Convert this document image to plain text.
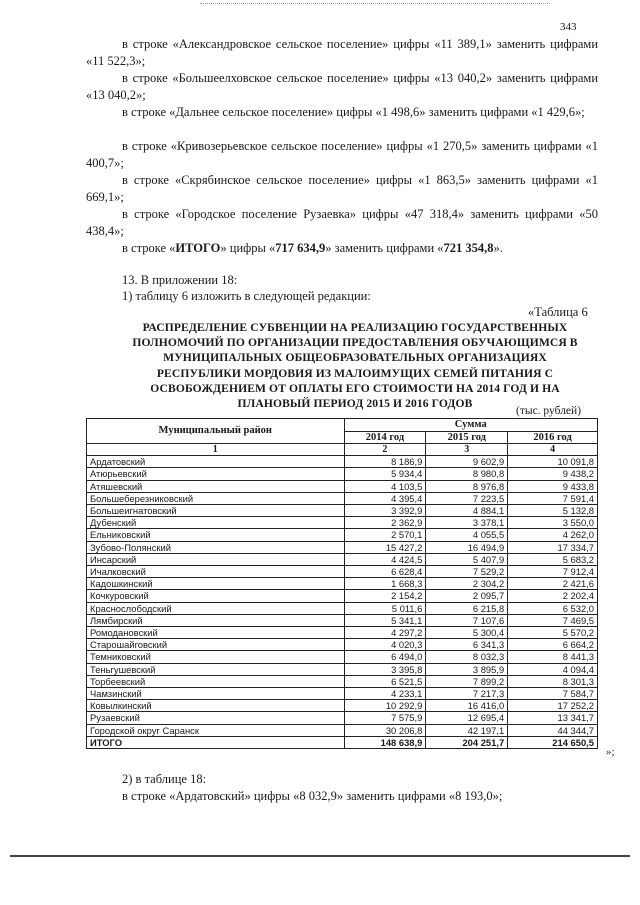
343
в строке «Александровское сельское поселение» цифры «11 389,1» заменить цифрами «11 522,3»;
в строке «Большеелховское сельское поселение» цифры «13 040,2» заменить цифрами «13 040,2»;
в строке «Дальнее сельское поселение» цифры «1 498,6» заменить цифрами «1 429,6»;
в строке «Кривозерьевское сельское поселение» цифры «1 270,5» заменить цифрами «1 400,7»;
в строке «Скрябинское сельское поселение» цифры «1 863,5» заменить цифрами «1 669,1»;
в строке «Городское поселение Рузаевка» цифры «47 318,4» заменить цифрами «50 438,4»;
в строке «ИТОГО» цифры «717 634,9» заменить цифрами «721 354,8».
13. В приложении 18:
1) таблицу 6 изложить в следующей редакции:
«Таблица 6
РАСПРЕДЕЛЕНИЕ СУБВЕНЦИИ НА РЕАЛИЗАЦИЮ ГОСУДАРСТВЕННЫХ
ПОЛНОМОЧИЙ ПО ОРГАНИЗАЦИИ ПРЕДОСТАВЛЕНИЯ ОБУЧАЮЩИМСЯ В
МУНИЦИПАЛЬНЫХ ОБЩЕОБРАЗОВАТЕЛЬНЫХ ОРГАНИЗАЦИЯХ
РЕСПУБЛИКИ МОРДОВИЯ ИЗ МАЛОИМУЩИХ СЕМЕЙ ПИТАНИЯ С
ОСВОБОЖДЕНИЕМ ОТ ОПЛАТЫ ЕГО СТОИМОСТИ НА 2014 ГОД И НА
ПЛАНОВЫЙ ПЕРИОД 2015 И 2016 ГОДОВ
(тыс. рублей)
Муниципальный район	Сумма		
	2014 год	2015 год	2016 год
1	2	3	4
Ардатовский	8 186,9	9 602,9	10 091,8
Атюрьевский	5 934,4	8 980,8	9 438,2
Атяшевский	4 103,5	8 976,8	9 433,8
Большеберезниковский	4 395,4	7 223,5	7 591,4
Большеигнатовский	3 392,9	4 884,1	5 132,8
Дубенский	2 362,9	3 378,1	3 550,0
Ельниковский	2 570,1	4 055,5	4 262,0
Зубово-Полянский	15 427,2	16 494,9	17 334,7
Инсарский	4 424,5	5 407,9	5 683,2
Ичалковский	6 628,4	7 529,2	7 912,4
Кадошкинский	1 668,3	2 304,2	2 421,6
Кочкуровский	2 154,2	2 095,7	2 202,4
Краснослободский	5 011,6	6 215,8	6 532,0
Лямбирский	5 341,1	7 107,6	7 469,5
Ромодановский	4 297,2	5 300,4	5 570,2
Старошайговский	4 020,3	6 341,3	6 664,2
Темниковский	6 494,0	8 032,3	8 441,3
Теньгушевский	3 395,8	3 895,9	4 094,4
Торбеевский	6 521,5	7 899,2	8 301,3
Чамзинский	4 233,1	7 217,3	7 584,7
Ковылкинский	10 292,9	16 416,0	17 252,2
Рузаевский	7 575,9	12 695,4	13 341,7
Городской округ Саранск	30 206,8	42 197,1	44 344,7
ИТОГО	148 638,9	204 251,7	214 650,5
»;
2) в таблице 18:
в строке «Ардатовский» цифры «8 032,9» заменить цифрами «8 193,0»;
